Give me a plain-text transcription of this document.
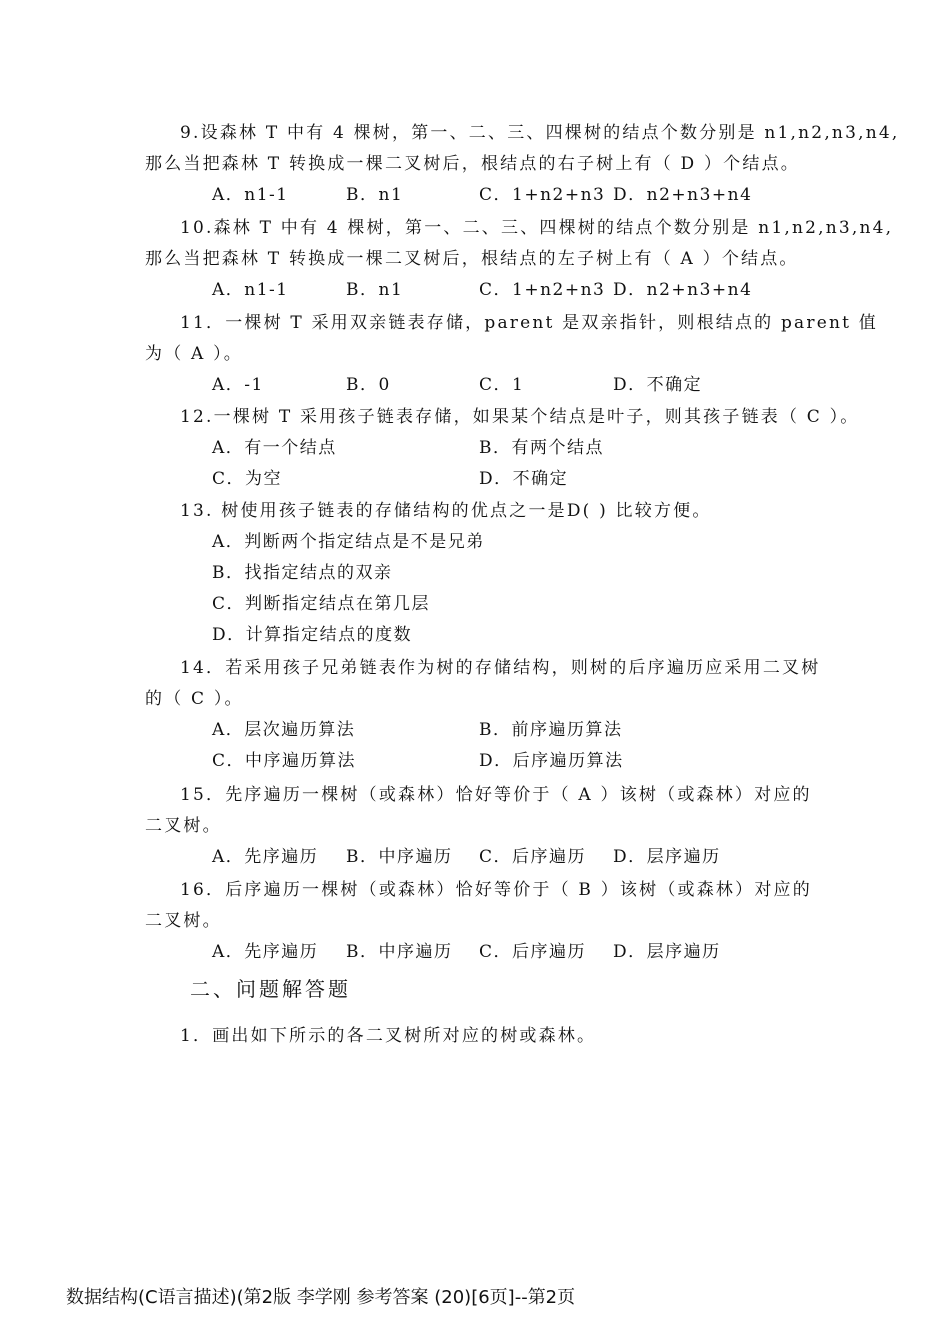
9.设森林 T 中有 4 棵树，第一、二、三、四棵树的结点个数分别是 n1,n2,n3,n4,
那么当把森林 T 转换成一棵二叉树后，根结点的右子树上有（ D ）个结点。
A．n1-1	B．n1	C．1+n2+n3 D．n2+n3+n4
10.森林 T 中有 4 棵树，第一、二、三、四棵树的结点个数分别是 n1,n2,n3,n4,
那么当把森林 T 转换成一棵二叉树后，根结点的左子树上有（ A ）个结点。
A．n1-1	B．n1	C．1+n2+n3 D．n2+n3+n4
11．一棵树 T 采用双亲链表存储，parent 是双亲指针，则根结点的 parent 值
为（ A ）。
A．-1	B．0	C．1	D．不确定
12.一棵树 T 采用孩子链表存储，如果某个结点是叶子，则其孩子链表（ C ）。
A．有一个结点	B．有两个结点
C．为空	D．不确定
13. 树使用孩子链表的存储结构的优点之一是D( ) 比较方便。
A．判断两个指定结点是不是兄弟
B．找指定结点的双亲
C．判断指定结点在第几层
D．计算指定结点的度数
14．若采用孩子兄弟链表作为树的存储结构，则树的后序遍历应采用二叉树
的（ C ）。
A．层次遍历算法	B．前序遍历算法
C．中序遍历算法	D．后序遍历算法
15．先序遍历一棵树（或森林）恰好等价于（ A ）该树（或森林）对应的
二叉树。
A．先序遍历 B．中序遍历 C．后序遍历 D．层序遍历
16．后序遍历一棵树（或森林）恰好等价于（ B ）该树（或森林）对应的
二叉树。
A．先序遍历 B．中序遍历 C．后序遍历 D．层序遍历
二、问题解答题
1．画出如下所示的各二叉树所对应的树或森林。
数据结构(C语言描述)(第2版 李学刚 参考答案 (20)[6页]--第2页
